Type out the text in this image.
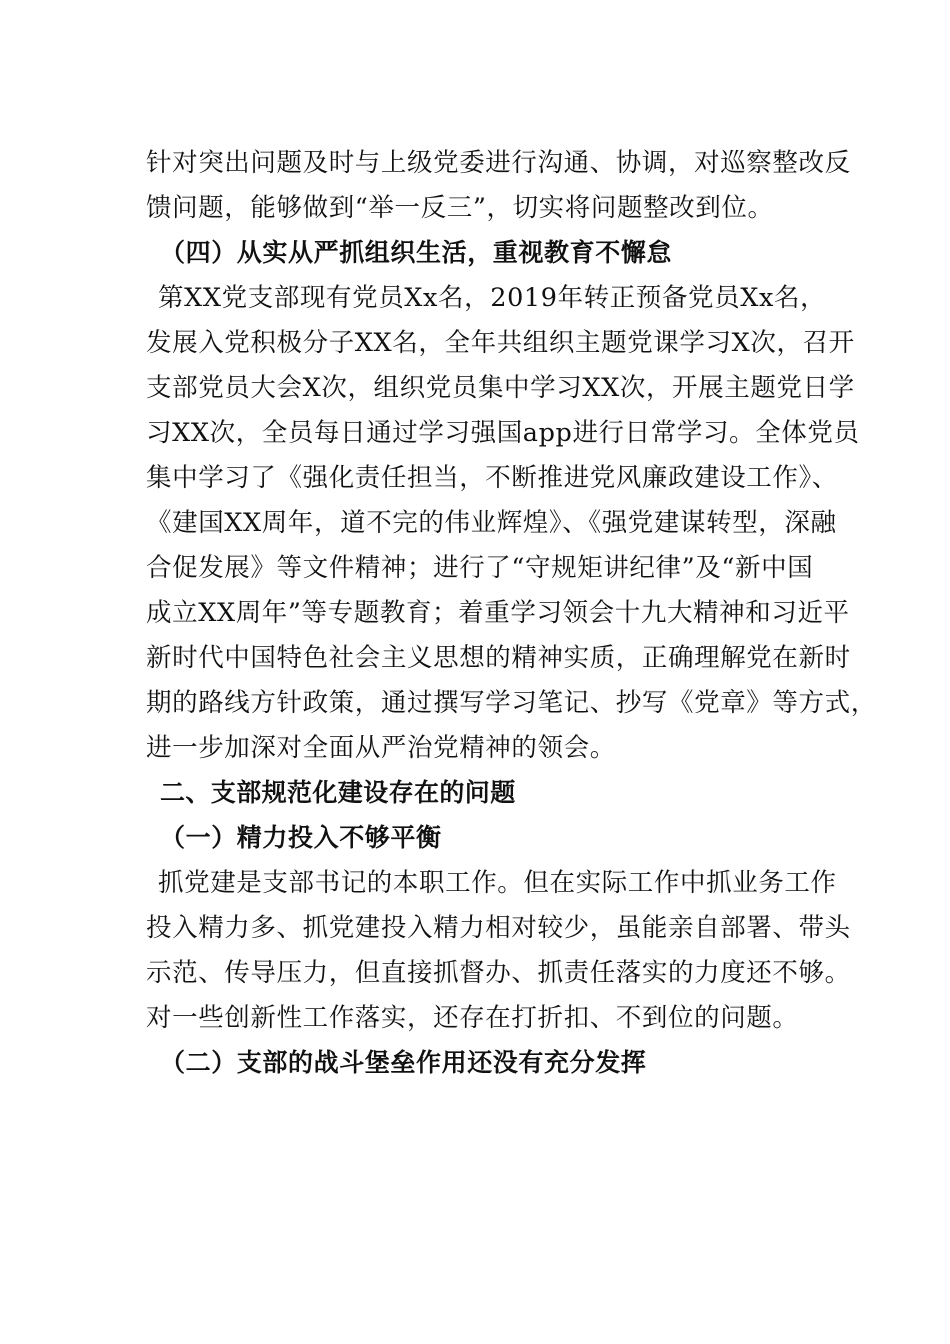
针对突出问题及时与上级党委进行沟通、协调，对巡察整改反
馈问题，能够做到“举一反三”，切实将问题整改到位。
（四）从实从严抓组织生活，重视教育不懈怠
第XX党支部现有党员Xx名，2019年转正预备党员Xx名，
发展入党积极分子XX名，全年共组织主题党课学习X次，召开
支部党员大会X次，组织党员集中学习XX次，开展主题党日学
习XX次，全员每日通过学习强国app进行日常学习。全体党员
集中学习了《强化责任担当，不断推进党风廉政建设工作》、
《建国XX周年，道不完的伟业辉煌》、《强党建谋转型，深融
合促发展》等文件精神；进行了“守规矩讲纪律”及“新中国
成立XX周年”等专题教育；着重学习领会十九大精神和习近平
新时代中国特色社会主义思想的精神实质，正确理解党在新时
期的路线方针政策，通过撰写学习笔记、抄写《党章》等方式，
进一步加深对全面从严治党精神的领会。
二、支部规范化建设存在的问题
（一）精力投入不够平衡
抓党建是支部书记的本职工作。但在实际工作中抓业务工作
投入精力多、抓党建投入精力相对较少，虽能亲自部署、带头
示范、传导压力，但直接抓督办、抓责任落实的力度还不够。
对一些创新性工作落实，还存在打折扣、不到位的问题。
（二）支部的战斗堡垒作用还没有充分发挥
